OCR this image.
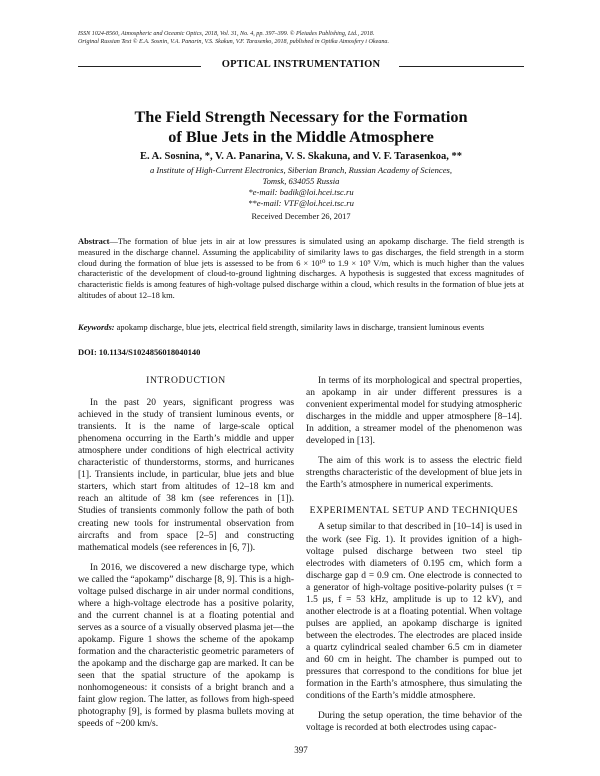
ISSN 1024-8560, Atmospheric and Oceanic Optics, 2018, Vol. 31, No. 4, pp. 397–399. © Pleiades Publishing, Ltd., 2018.
Original Russian Text © E.A. Sosnin, V.A. Panarin, V.S. Skakun, V.F. Tarasenko, 2018, published in Optika Atmosfery i Okeana.
OPTICAL INSTRUMENTATION
The Field Strength Necessary for the Formation
of Blue Jets in the Middle Atmosphere
E. A. Sosnina, *, V. A. Panarina, V. S. Skakuna, and V. F. Tarasenkoa, **
a Institute of High-Current Electronics, Siberian Branch, Russian Academy of Sciences,
Tomsk, 634055 Russia
*e-mail: badik@loi.hcei.tsc.ru
**e-mail: VTF@loi.hcei.tsc.ru
Received December 26, 2017
Abstract—The formation of blue jets in air at low pressures is simulated using an apokamp discharge. The field strength is measured in the discharge channel. Assuming the applicability of similarity laws to gas discharges, the field strength in a storm cloud during the formation of blue jets is assessed to be from 6 × 10¹⁰ to 1.9 × 10⁹ V/m, which is much higher than the values characteristic of the development of cloud-to-ground lightning discharges. A hypothesis is suggested that excess magnitudes of characteristic fields is among features of high-voltage pulsed discharge within a cloud, which results in the formation of blue jets at altitudes of about 12–18 km.
Keywords: apokamp discharge, blue jets, electrical field strength, similarity laws in discharge, transient luminous events
DOI: 10.1134/S1024856018040140
INTRODUCTION

In the past 20 years, significant progress was achieved in the study of transient luminous events, or transients. It is the name of large-scale optical phenomena occurring in the Earth’s middle and upper atmosphere under conditions of high electrical activity characteristic of thunderstorms, storms, and hurricanes [1]. Transients include, in particular, blue jets and blue starters, which start from altitudes of 12–18 km and reach an altitude of 38 km (see references in [1]). Studies of transients commonly follow the path of both creating new tools for instrumental observation from aircrafts and from space [2–5] and constructing mathematical models (see references in [6, 7]).

In 2016, we discovered a new discharge type, which we called the “apokamp” discharge [8, 9]. This is a high-voltage pulsed discharge in air under normal conditions, where a high-voltage electrode has a positive polarity, and the current channel is at a floating potential and serves as a source of a visually observed plasma jet—the apokamp. Figure 1 shows the scheme of the apokamp formation and the characteristic geometric parameters of the apokamp and the discharge gap are marked. It can be seen that the spatial structure of the apokamp is nonhomogeneous: it consists of a bright branch and a faint glow region. The latter, as follows from high-speed photography [9], is formed by plasma bullets moving at speeds of ~200 km/s.

In terms of its morphological and spectral properties, an apokamp in air under different pressures is a convenient experimental model for studying atmospheric discharges in the middle and upper atmosphere [8–14]. In addition, a streamer model of the phenomenon was developed in [13].

The aim of this work is to assess the electric field strengths characteristic of the development of blue jets in the Earth’s atmosphere in numerical experiments.

EXPERIMENTAL SETUP AND TECHNIQUES

A setup similar to that described in [10–14] is used in the work (see Fig. 1). It provides ignition of a high-voltage pulsed discharge between two steel tip electrodes with diameters of 0.195 cm, which form a discharge gap d = 0.9 cm. One electrode is connected to a generator of high-voltage positive-polarity pulses (τ = 1.5 μs, f = 53 kHz, amplitude is up to 12 kV), and another electrode is at a floating potential. When voltage pulses are applied, an apokamp discharge is ignited between the electrodes. The electrodes are placed inside a quartz cylindrical sealed chamber 6.5 cm in diameter and 60 cm in height. The chamber is pumped out to pressures that correspond to the conditions for blue jet formation in the Earth’s atmosphere, thus simulating the conditions of the Earth’s middle atmosphere.

During the setup operation, the time behavior of the voltage is recorded at both electrodes using capac-

397
